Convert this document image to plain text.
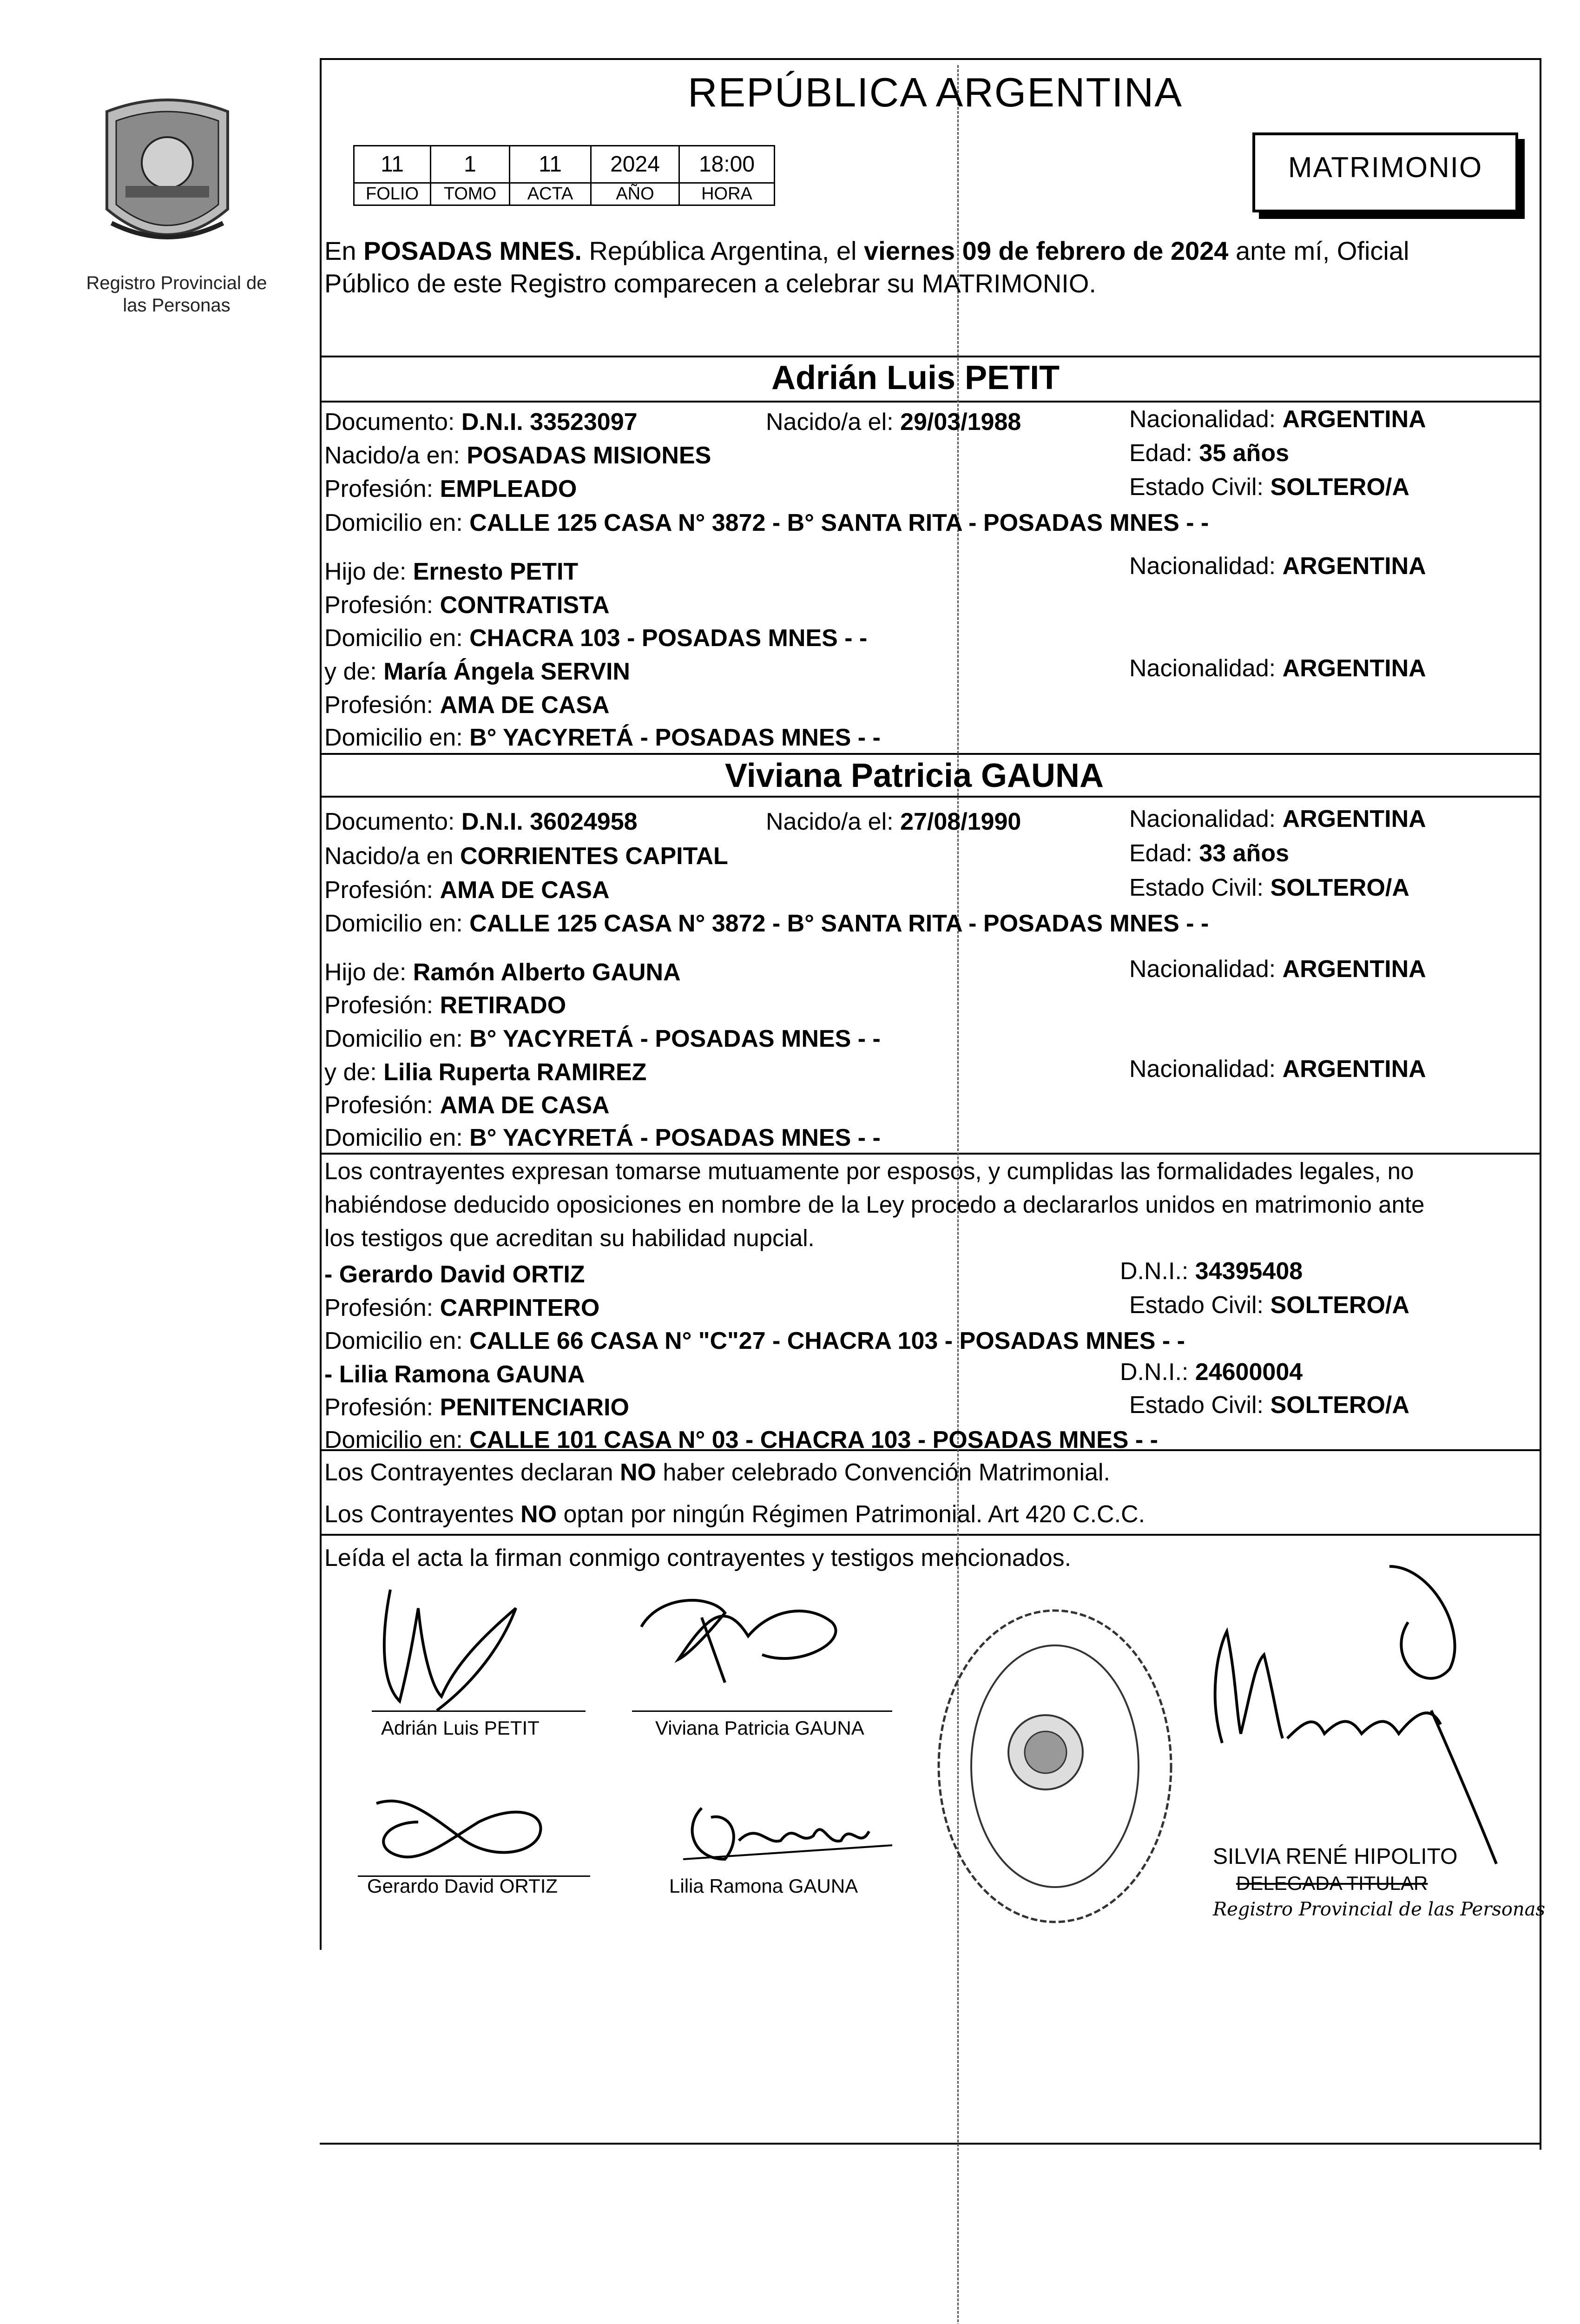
Registro Provincial de las Personas
REPÚBLICA ARGENTINA
11	1	11	2024	18:00
FOLIO	TOMO	ACTA	AÑO	HORA
MATRIMONIO
En POSADAS MNES. República Argentina, el viernes 09 de febrero de 2024 ante mí, Oficial
Público de este Registro comparecen a celebrar su MATRIMONIO.
Adrián Luis PETIT
Documento: D.N.I. 33523097	Nacido/a el: 29/03/1988	Nacionalidad: ARGENTINA
Nacido/a en: POSADAS MISIONES	Edad: 35 años
Profesión: EMPLEADO	Estado Civil: SOLTERO/A
Domicilio en: CALLE 125 CASA N° 3872 - B° SANTA RITA - POSADAS MNES - -
Hijo de: Ernesto PETIT	Nacionalidad: ARGENTINA
Profesión: CONTRATISTA
Domicilio en: CHACRA 103 - POSADAS MNES - -
y de: María Ángela SERVIN	Nacionalidad: ARGENTINA
Profesión: AMA DE CASA
Domicilio en: B° YACYRETÁ - POSADAS MNES - -
Viviana Patricia GAUNA
Documento: D.N.I. 36024958	Nacido/a el: 27/08/1990	Nacionalidad: ARGENTINA
Nacido/a en CORRIENTES CAPITAL	Edad: 33 años
Profesión: AMA DE CASA	Estado Civil: SOLTERO/A
Domicilio en: CALLE 125 CASA N° 3872 - B° SANTA RITA - POSADAS MNES - -
Hijo de: Ramón Alberto GAUNA	Nacionalidad: ARGENTINA
Profesión: RETIRADO
Domicilio en: B° YACYRETÁ - POSADAS MNES - -
y de: Lilia Ruperta RAMIREZ	Nacionalidad: ARGENTINA
Profesión: AMA DE CASA
Domicilio en: B° YACYRETÁ - POSADAS MNES - -
Los contrayentes expresan tomarse mutuamente por esposos, y cumplidas las formalidades legales, no
habiéndose deducido oposiciones en nombre de la Ley procedo a declararlos unidos en matrimonio ante
los testigos que acreditan su habilidad nupcial.
- Gerardo David ORTIZ	D.N.I.: 34395408
Profesión: CARPINTERO	Estado Civil: SOLTERO/A
Domicilio en: CALLE 66 CASA N° "C"27 - CHACRA 103 - POSADAS MNES - -
- Lilia Ramona GAUNA	D.N.I.: 24600004
Profesión: PENITENCIARIO	Estado Civil: SOLTERO/A
Domicilio en: CALLE 101 CASA N° 03 - CHACRA 103 - POSADAS MNES - -
Los Contrayentes declaran NO haber celebrado Convención Matrimonial.
Los Contrayentes NO optan por ningún Régimen Patrimonial. Art 420 C.C.C.
Leída el acta la firman conmigo contrayentes y testigos mencionados.
Adrián Luis PETIT	Viviana Patricia GAUNA
Gerardo David ORTIZ	Lilia Ramona GAUNA
SILVIA RENÉ HIPOLITO
DELEGADA TITULAR
Registro Provincial de las Personas
